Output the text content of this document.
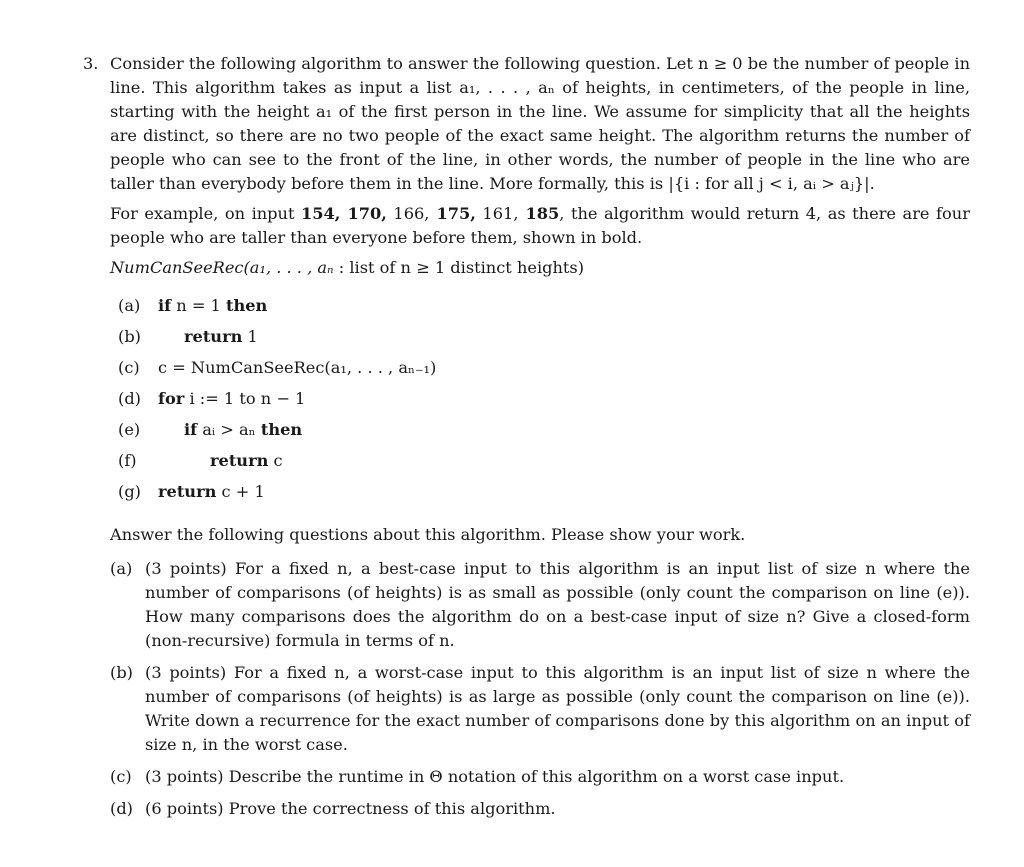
3. Consider the following algorithm to answer the following question. Let n ≥ 0 be the number of people in line. This algorithm takes as input a list a₁, . . . , aₙ of heights, in centimeters, of the people in line, starting with the height a₁ of the first person in the line. We assume for simplicity that all the heights are distinct, so there are no two people of the exact same height. The algorithm returns the number of people who can see to the front of the line, in other words, the number of people in the line who are taller than everybody before them in the line. More formally, this is |{i : for all j < i, aᵢ > aⱼ}|.

For example, on input 154, 170, 166, 175, 161, 185, the algorithm would return 4, as there are four people who are taller than everyone before them, shown in bold.

NumCanSeeRec(a₁, . . . , aₙ : list of n ≥ 1 distinct heights)
(a)	if n = 1 then
(b)	return 1
(c)	c = NumCanSeeRec(a₁, . . . , aₙ₋₁)
(d)	for i := 1 to n − 1
(e)	if aᵢ > aₙ then
(f)	return c
(g)	return c + 1

Answer the following questions about this algorithm. Please show your work.

(a) (3 points) For a fixed n, a best-case input to this algorithm is an input list of size n where the number of comparisons (of heights) is as small as possible (only count the comparison on line (e)). How many comparisons does the algorithm do on a best-case input of size n? Give a closed-form (non-recursive) formula in terms of n.
(b) (3 points) For a fixed n, a worst-case input to this algorithm is an input list of size n where the number of comparisons (of heights) is as large as possible (only count the comparison on line (e)). Write down a recurrence for the exact number of comparisons done by this algorithm on an input of size n, in the worst case.
(c) (3 points) Describe the runtime in Θ notation of this algorithm on a worst case input.
(d) (6 points) Prove the correctness of this algorithm.
